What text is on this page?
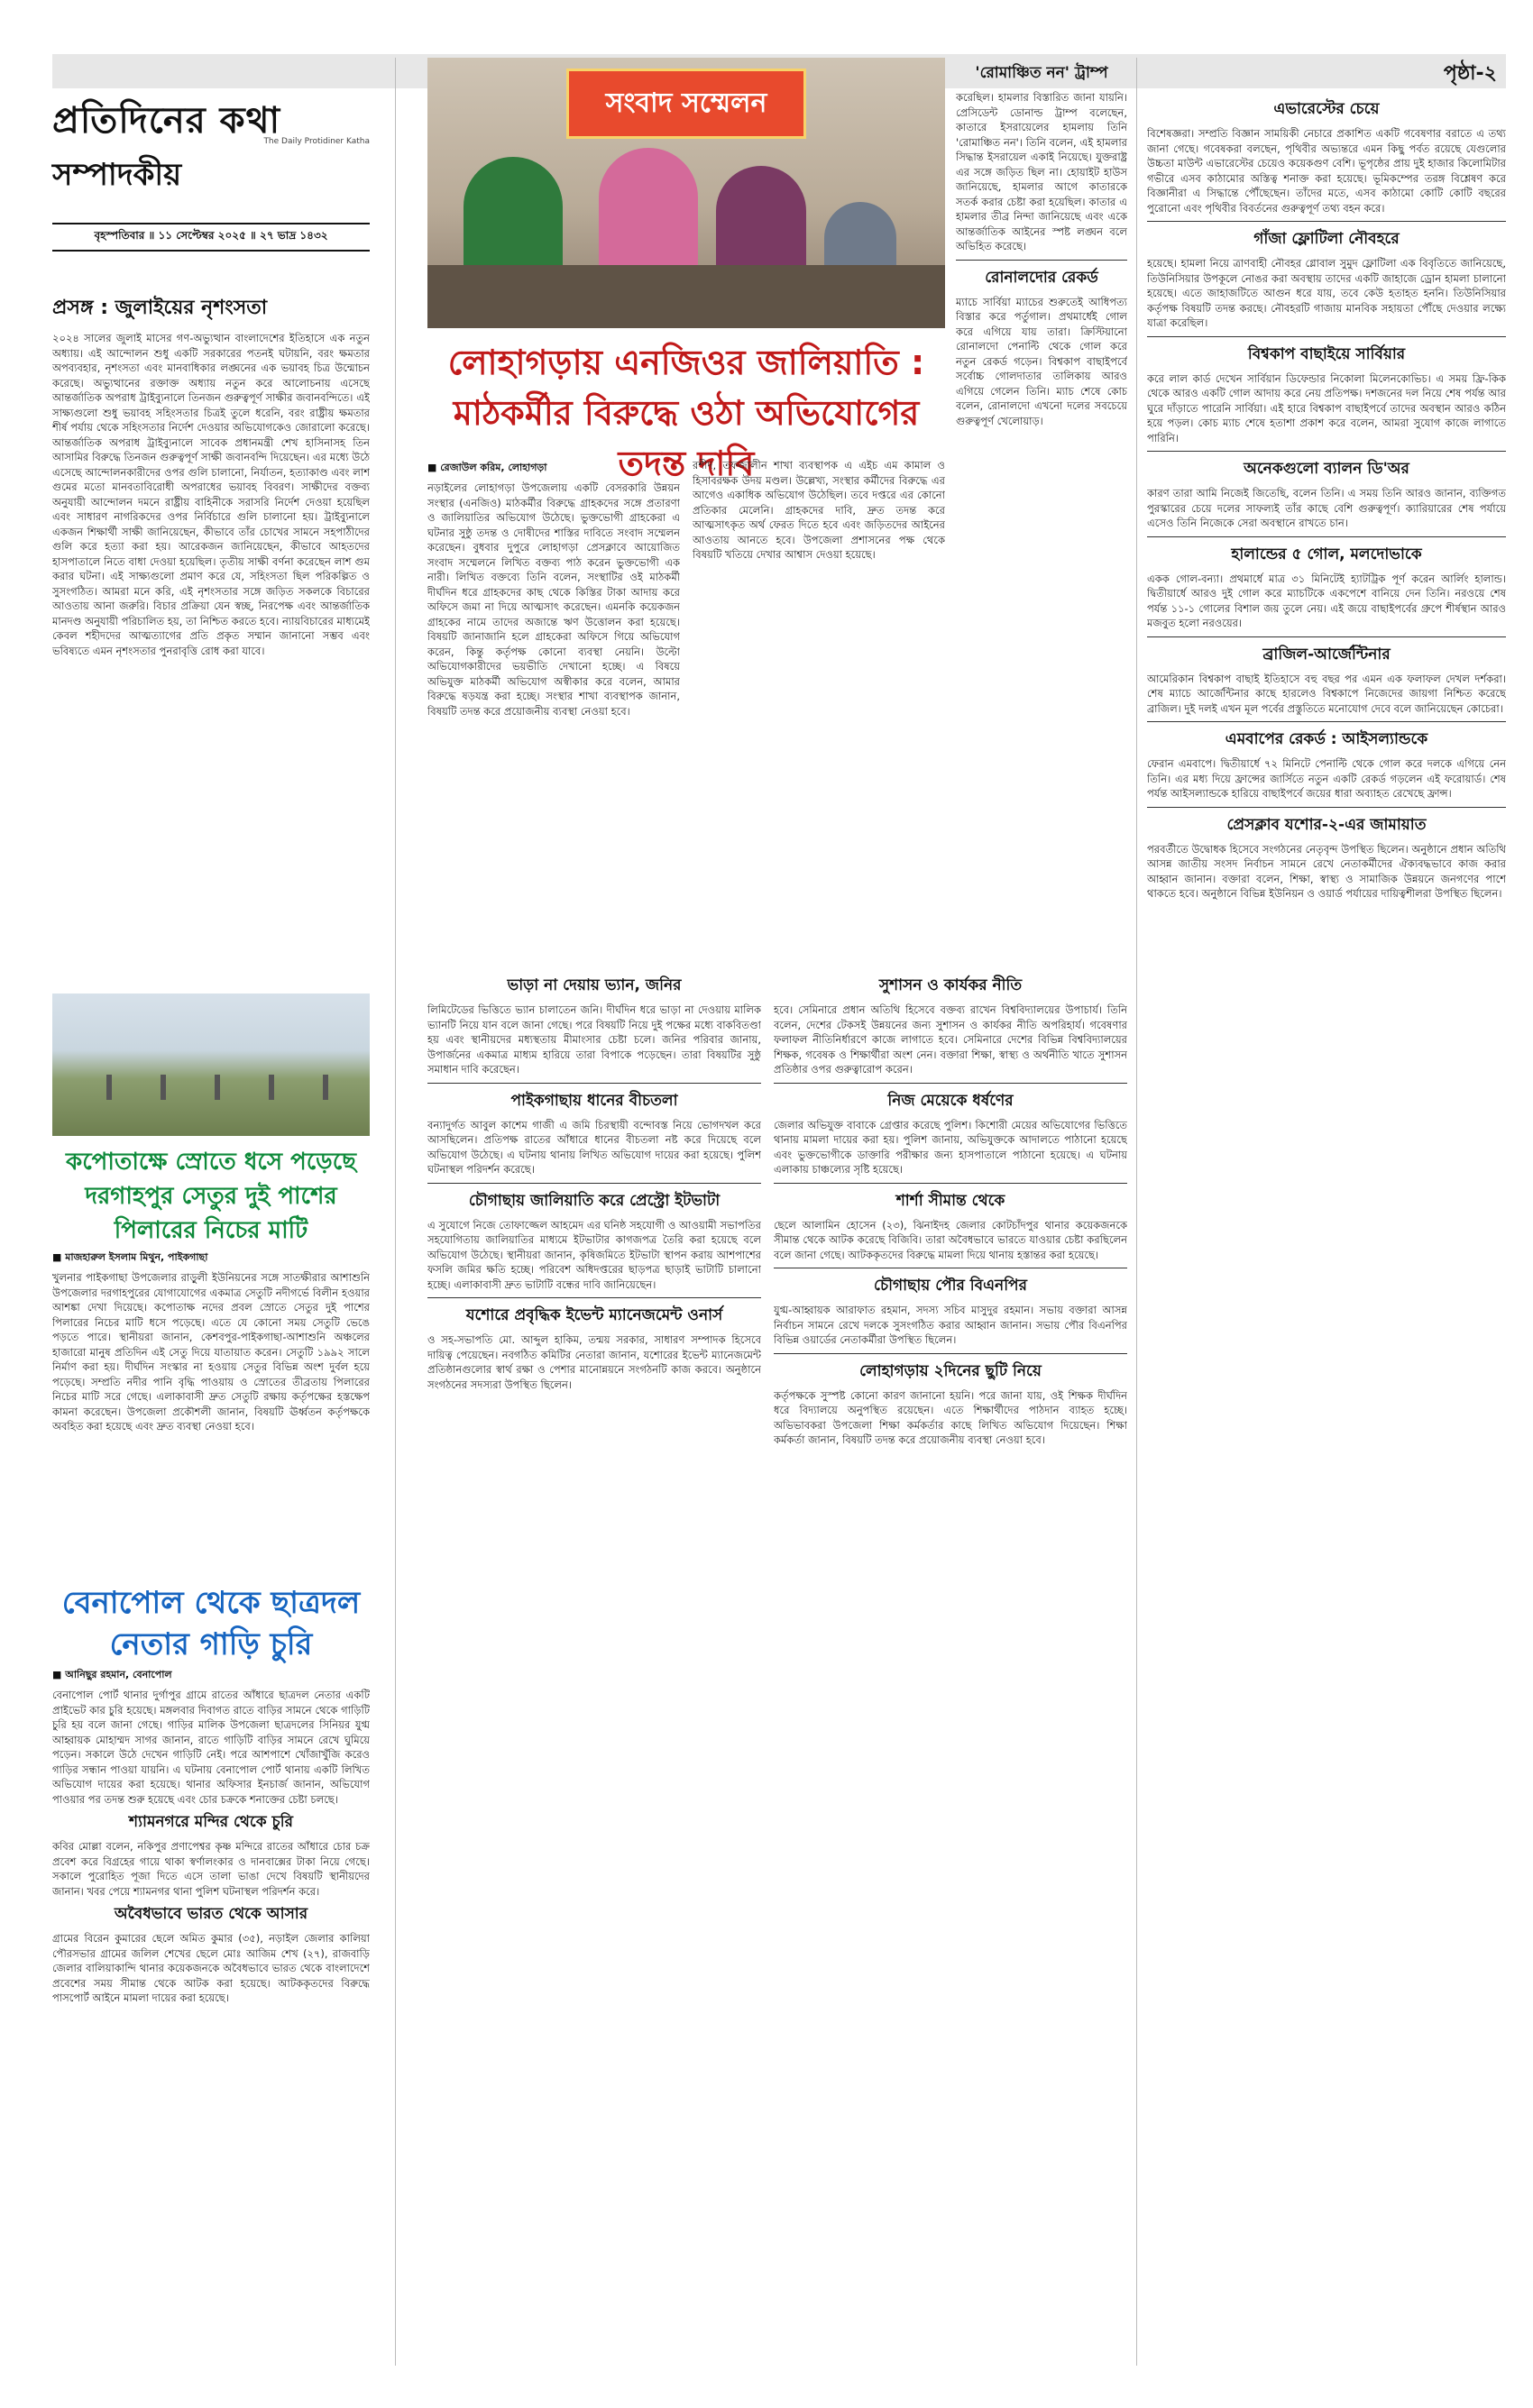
পৃষ্ঠা-২
প্রতিদিনের কথা
The Daily Protidiner Katha
সম্পাদকীয়
বৃহস্পতিবার ॥ ১১ সেপ্টেম্বর ২০২৫ ॥ ২৭ ভাদ্র ১৪৩২
প্রসঙ্গ : জুলাইয়ের নৃশংসতা

২০২৪ সালের জুলাই মাসের গণ-অভ্যুত্থান বাংলাদেশের ইতিহাসে এক নতুন অধ্যায়। এই আন্দোলন শুধু একটি সরকারের পতনই ঘটায়নি, বরং ক্ষমতার অপব্যবহার, নৃশংসতা এবং মানবাধিকার লঙ্ঘনের এক ভয়াবহ চিত্র উন্মোচন করেছে। অভ্যুত্থানের রক্তাক্ত অধ্যায় নতুন করে আলোচনায় এসেছে আন্তর্জাতিক অপরাধ ট্রাইব্যুনালে তিনজন গুরুত্বপূর্ণ সাক্ষীর জবানবন্দিতে। এই সাক্ষ্যগুলো শুধু ভয়াবহ সহিংসতার চিত্রই তুলে ধরেনি, বরং রাষ্ট্রীয় ক্ষমতার শীর্ষ পর্যায় থেকে সহিংসতার নির্দেশ দেওয়ার অভিযোগকেও জোরালো করেছে। আন্তর্জাতিক অপরাধ ট্রাইব্যুনালে সাবেক প্রধানমন্ত্রী শেখ হাসিনাসহ তিন আসামির বিরুদ্ধে তিনজন গুরুত্বপূর্ণ সাক্ষী জবানবন্দি দিয়েছেন। এর মধ্যে উঠে এসেছে আন্দোলনকারীদের ওপর গুলি চালানো, নির্যাতন, হত্যাকাণ্ড এবং লাশ গুমের মতো মানবতাবিরোধী অপরাধের ভয়াবহ বিবরণ। সাক্ষীদের বক্তব্য অনুযায়ী আন্দোলন দমনে রাষ্ট্রীয় বাহিনীকে সরাসরি নির্দেশ দেওয়া হয়েছিল এবং সাধারণ নাগরিকদের ওপর নির্বিচারে গুলি চালানো হয়। ট্রাইব্যুনালে একজন শিক্ষার্থী সাক্ষী জানিয়েছেন, কীভাবে তাঁর চোখের সামনে সহপাঠীদের গুলি করে হত্যা করা হয়। আরেকজন জানিয়েছেন, কীভাবে আহতদের হাসপাতালে নিতে বাধা দেওয়া হয়েছিল। তৃতীয় সাক্ষী বর্ণনা করেছেন লাশ গুম করার ঘটনা। এই সাক্ষ্যগুলো প্রমাণ করে যে, সহিংসতা ছিল পরিকল্পিত ও সুসংগঠিত। আমরা মনে করি, এই নৃশংসতার সঙ্গে জড়িত সকলকে বিচারের আওতায় আনা জরুরি। বিচার প্রক্রিয়া যেন স্বচ্ছ, নিরপেক্ষ এবং আন্তর্জাতিক মানদণ্ড অনুযায়ী পরিচালিত হয়, তা নিশ্চিত করতে হবে। ন্যায়বিচারের মাধ্যমেই কেবল শহীদদের আত্মত্যাগের প্রতি প্রকৃত সম্মান জানানো সম্ভব এবং ভবিষ্যতে এমন নৃশংসতার পুনরাবৃত্তি রোধ করা যাবে।

কপোতাক্ষে স্রোতে ধসে পড়েছে দরগাহপুর সেতুর দুই পাশের পিলারের নিচের মাটি
■ মাজহারুল ইসলাম মিথুন, পাইকগাছা

খুলনার পাইকগাছা উপজেলার রাড়ুলী ইউনিয়নের সঙ্গে সাতক্ষীরার আশাশুনি উপজেলার দরগাহপুরের যোগাযোগের একমাত্র সেতুটি নদীগর্ভে বিলীন হওয়ার আশঙ্কা দেখা দিয়েছে। কপোতাক্ষ নদের প্রবল স্রোতে সেতুর দুই পাশের পিলারের নিচের মাটি ধসে পড়েছে। এতে যে কোনো সময় সেতুটি ভেঙে পড়তে পারে। স্থানীয়রা জানান, কেশবপুর-পাইকগাছা-আশাশুনি অঞ্চলের হাজারো মানুষ প্রতিদিন এই সেতু দিয়ে যাতায়াত করেন। সেতুটি ১৯৯২ সালে নির্মাণ করা হয়। দীর্ঘদিন সংস্কার না হওয়ায় সেতুর বিভিন্ন অংশ দুর্বল হয়ে পড়েছে। সম্প্রতি নদীর পানি বৃদ্ধি পাওয়ায় ও স্রোতের তীব্রতায় পিলারের নিচের মাটি সরে গেছে। এলাকাবাসী দ্রুত সেতুটি রক্ষায় কর্তৃপক্ষের হস্তক্ষেপ কামনা করেছেন। উপজেলা প্রকৌশলী জানান, বিষয়টি ঊর্ধ্বতন কর্তৃপক্ষকে অবহিত করা হয়েছে এবং দ্রুত ব্যবস্থা নেওয়া হবে।

বেনাপোল থেকে ছাত্রদল নেতার গাড়ি চুরি
■ আনিছুর রহমান, বেনাপোল

বেনাপোল পোর্ট থানার দুর্গাপুর গ্রামে রাতের আঁধারে ছাত্রদল নেতার একটি প্রাইভেট কার চুরি হয়েছে। মঙ্গলবার দিবাগত রাতে বাড়ির সামনে থেকে গাড়িটি চুরি হয় বলে জানা গেছে। গাড়ির মালিক উপজেলা ছাত্রদলের সিনিয়র যুগ্ম আহ্বায়ক মোহাম্মদ সাগর জানান, রাতে গাড়িটি বাড়ির সামনে রেখে ঘুমিয়ে পড়েন। সকালে উঠে দেখেন গাড়িটি নেই। পরে আশপাশে খোঁজাখুঁজি করেও গাড়ির সন্ধান পাওয়া যায়নি। এ ঘটনায় বেনাপোল পোর্ট থানায় একটি লিখিত অভিযোগ দায়ের করা হয়েছে। থানার অফিসার ইনচার্জ জানান, অভিযোগ পাওয়ার পর তদন্ত শুরু হয়েছে এবং চোর চক্রকে শনাক্তের চেষ্টা চলছে।

শ্যামনগরে মন্দির থেকে চুরি

কবির মোল্লা বলেন, নকিপুর প্রণাপেশ্বর কৃষ্ণ মন্দিরে রাতের আঁধারে চোর চক্র প্রবেশ করে বিগ্রহের গায়ে থাকা স্বর্ণালংকার ও দানবাক্সের টাকা নিয়ে গেছে। সকালে পুরোহিত পূজা দিতে এসে তালা ভাঙা দেখে বিষয়টি স্থানীয়দের জানান। খবর পেয়ে শ্যামনগর থানা পুলিশ ঘটনাস্থল পরিদর্শন করে।

অবৈধভাবে ভারত থেকে আসার

গ্রামের বিরেন কুমারের ছেলে অমিত কুমার (৩৫), নড়াইল জেলার কালিয়া পৌরসভার গ্রামের জলিল শেখের ছেলে মোঃ আজিম শেখ (২৭), রাজবাড়ি জেলার বালিয়াকান্দি থানার কয়েকজনকে অবৈধভাবে ভারত থেকে বাংলাদেশে প্রবেশের সময় সীমান্ত থেকে আটক করা হয়েছে। আটককৃতদের বিরুদ্ধে পাসপোর্ট আইনে মামলা দায়ের করা হয়েছে।

সংবাদ সম্মেলন
লোহাগড়ায় এনজিওর জালিয়াতি : মাঠকর্মীর বিরুদ্ধে ওঠা অভিযোগের তদন্ত দাবি
■ রেজাউল করিম, লোহাগড়া

নড়াইলের লোহাগড়া উপজেলায় একটি বেসরকারি উন্নয়ন সংস্থার (এনজিও) মাঠকর্মীর বিরুদ্ধে গ্রাহকদের সঙ্গে প্রতারণা ও জালিয়াতির অভিযোগ উঠেছে। ভুক্তভোগী গ্রাহকেরা এ ঘটনার সুষ্ঠু তদন্ত ও দোষীদের শাস্তির দাবিতে সংবাদ সম্মেলন করেছেন। বুধবার দুপুরে লোহাগড়া প্রেসক্লাবে আয়োজিত সংবাদ সম্মেলনে লিখিত বক্তব্য পাঠ করেন ভুক্তভোগী এক নারী। লিখিত বক্তব্যে তিনি বলেন, সংস্থাটির ওই মাঠকর্মী দীর্ঘদিন ধরে গ্রাহকদের কাছ থেকে কিস্তির টাকা আদায় করে অফিসে জমা না দিয়ে আত্মসাৎ করেছেন। এমনকি কয়েকজন গ্রাহকের নামে তাদের অজান্তে ঋণ উত্তোলন করা হয়েছে। বিষয়টি জানাজানি হলে গ্রাহকেরা অফিসে গিয়ে অভিযোগ করেন, কিন্তু কর্তৃপক্ষ কোনো ব্যবস্থা নেয়নি। উল্টো অভিযোগকারীদের ভয়ভীতি দেখানো হচ্ছে। এ বিষয়ে অভিযুক্ত মাঠকর্মী অভিযোগ অস্বীকার করে বলেন, আমার বিরুদ্ধে ষড়যন্ত্র করা হচ্ছে। সংস্থার শাখা ব্যবস্থাপক জানান, বিষয়টি তদন্ত করে প্রয়োজনীয় ব্যবস্থা নেওয়া হবে।

রশীদ, তফজালীন শাখা ব্যবস্থাপক এ এইচ এম কামাল ও হিসাবরক্ষক উদয় মণ্ডল। উল্লেখ্য, সংস্থার কর্মীদের বিরুদ্ধে এর আগেও একাধিক অভিযোগ উঠেছিল। তবে দপ্তরে এর কোনো প্রতিকার মেলেনি। গ্রাহকদের দাবি, দ্রুত তদন্ত করে আত্মসাৎকৃত অর্থ ফেরত দিতে হবে এবং জড়িতদের আইনের আওতায় আনতে হবে। উপজেলা প্রশাসনের পক্ষ থেকে বিষয়টি খতিয়ে দেখার আশ্বাস দেওয়া হয়েছে।

ভাড়া না দেয়ায় ভ্যান, জনির

লিমিটেডের ভিত্তিতে ভ্যান চালাতেন জনি। দীর্ঘদিন ধরে ভাড়া না দেওয়ায় মালিক ভ্যানটি নিয়ে যান বলে জানা গেছে। পরে বিষয়টি নিয়ে দুই পক্ষের মধ্যে বাকবিতণ্ডা হয় এবং স্থানীয়দের মধ্যস্থতায় মীমাংসার চেষ্টা চলে। জনির পরিবার জানায়, উপার্জনের একমাত্র মাধ্যম হারিয়ে তারা বিপাকে পড়েছেন। তারা বিষয়টির সুষ্ঠু সমাধান দাবি করেছেন।

পাইকগাছায় ধানের বীচতলা

বন্যাদুর্গত আবুল কাশেম গাজী এ জমি চিরস্থায়ী বন্দোবস্ত নিয়ে ভোগদখল করে আসছিলেন। প্রতিপক্ষ রাতের আঁধারে ধানের বীচতলা নষ্ট করে দিয়েছে বলে অভিযোগ উঠেছে। এ ঘটনায় থানায় লিখিত অভিযোগ দায়ের করা হয়েছে। পুলিশ ঘটনাস্থল পরিদর্শন করেছে।

চৌগাছায় জালিয়াতি করে প্রেস্ট্রো ইটভাটা

এ সুযোগে নিজে তোফাজ্জেল আহমেদ এর ঘনিষ্ঠ সহযোগী ও আওয়ামী সভাপতির সহযোগিতায় জালিয়াতির মাধ্যমে ইটভাটার কাগজপত্র তৈরি করা হয়েছে বলে অভিযোগ উঠেছে। স্থানীয়রা জানান, কৃষিজমিতে ইটভাটা স্থাপন করায় আশপাশের ফসলি জমির ক্ষতি হচ্ছে। পরিবেশ অধিদপ্তরের ছাড়পত্র ছাড়াই ভাটাটি চালানো হচ্ছে। এলাকাবাসী দ্রুত ভাটাটি বন্ধের দাবি জানিয়েছেন।

যশোরে প্রবৃদ্ধিক ইভেন্ট ম্যানেজমেন্ট ওনার্স

ও সহ-সভাপতি মো. আব্দুল হাকিম, তন্ময় সরকার, সাধারণ সম্পাদক হিসেবে দায়িত্ব পেয়েছেন। নবগঠিত কমিটির নেতারা জানান, যশোরের ইভেন্ট ম্যানেজমেন্ট প্রতিষ্ঠানগুলোর স্বার্থ রক্ষা ও পেশার মানোন্নয়নে সংগঠনটি কাজ করবে। অনুষ্ঠানে সংগঠনের সদস্যরা উপস্থিত ছিলেন।

'রোমাঞ্চিত নন' ট্রাম্প

করেছিল। হামলার বিস্তারিত জানা যায়নি। প্রেসিডেন্ট ডোনাল্ড ট্রাম্প বলেছেন, কাতারে ইসরায়েলের হামলায় তিনি 'রোমাঞ্চিত নন'। তিনি বলেন, এই হামলার সিদ্ধান্ত ইসরায়েল একাই নিয়েছে। যুক্তরাষ্ট্র এর সঙ্গে জড়িত ছিল না। হোয়াইট হাউস জানিয়েছে, হামলার আগে কাতারকে সতর্ক করার চেষ্টা করা হয়েছিল। কাতার এ হামলার তীব্র নিন্দা জানিয়েছে এবং একে আন্তর্জাতিক আইনের স্পষ্ট লঙ্ঘন বলে অভিহিত করেছে।

রোনালদোর রেকর্ড

ম্যাচে সার্বিয়া ম্যাচের শুরুতেই আধিপত্য বিস্তার করে পর্তুগাল। প্রথমার্ধেই গোল করে এগিয়ে যায় তারা। ক্রিস্টিয়ানো রোনালদো পেনাল্টি থেকে গোল করে নতুন রেকর্ড গড়েন। বিশ্বকাপ বাছাইপর্বে সর্বোচ্চ গোলদাতার তালিকায় আরও এগিয়ে গেলেন তিনি। ম্যাচ শেষে কোচ বলেন, রোনালদো এখনো দলের সবচেয়ে গুরুত্বপূর্ণ খেলোয়াড়।

সুশাসন ও কার্যকর নীতি

হবে। সেমিনারে প্রধান অতিথি হিসেবে বক্তব্য রাখেন বিশ্ববিদ্যালয়ের উপাচার্য। তিনি বলেন, দেশের টেকসই উন্নয়নের জন্য সুশাসন ও কার্যকর নীতি অপরিহার্য। গবেষণার ফলাফল নীতিনির্ধারণে কাজে লাগাতে হবে। সেমিনারে দেশের বিভিন্ন বিশ্ববিদ্যালয়ের শিক্ষক, গবেষক ও শিক্ষার্থীরা অংশ নেন। বক্তারা শিক্ষা, স্বাস্থ্য ও অর্থনীতি খাতে সুশাসন প্রতিষ্ঠার ওপর গুরুত্বারোপ করেন।

নিজ মেয়েকে ধর্ষণের

জেলার অভিযুক্ত বাবাকে গ্রেপ্তার করেছে পুলিশ। কিশোরী মেয়ের অভিযোগের ভিত্তিতে থানায় মামলা দায়ের করা হয়। পুলিশ জানায়, অভিযুক্তকে আদালতে পাঠানো হয়েছে এবং ভুক্তভোগীকে ডাক্তারি পরীক্ষার জন্য হাসপাতালে পাঠানো হয়েছে। এ ঘটনায় এলাকায় চাঞ্চল্যের সৃষ্টি হয়েছে।

শার্শা সীমান্ত থেকে

ছেলে আলামিন হোসেন (২৩), ঝিনাইদহ জেলার কোটচাঁদপুর থানার কয়েকজনকে সীমান্ত থেকে আটক করেছে বিজিবি। তারা অবৈধভাবে ভারতে যাওয়ার চেষ্টা করছিলেন বলে জানা গেছে। আটককৃতদের বিরুদ্ধে মামলা দিয়ে থানায় হস্তান্তর করা হয়েছে।

চৌগাছায় পৌর বিএনপির

যুগ্ম-আহ্বায়ক আরাফাত রহমান, সদস্য সচিব মাসুদুর রহমান। সভায় বক্তারা আসন্ন নির্বাচন সামনে রেখে দলকে সুসংগঠিত করার আহ্বান জানান। সভায় পৌর বিএনপির বিভিন্ন ওয়ার্ডের নেতাকর্মীরা উপস্থিত ছিলেন।

লোহাগড়ায় ২দিনের ছুটি নিয়ে

কর্তৃপক্ষকে সুস্পষ্ট কোনো কারণ জানানো হয়নি। পরে জানা যায়, ওই শিক্ষক দীর্ঘদিন ধরে বিদ্যালয়ে অনুপস্থিত রয়েছেন। এতে শিক্ষার্থীদের পাঠদান ব্যাহত হচ্ছে। অভিভাবকরা উপজেলা শিক্ষা কর্মকর্তার কাছে লিখিত অভিযোগ দিয়েছেন। শিক্ষা কর্মকর্তা জানান, বিষয়টি তদন্ত করে প্রয়োজনীয় ব্যবস্থা নেওয়া হবে।

এভারেস্টের চেয়ে

বিশেষজ্ঞরা। সম্প্রতি বিজ্ঞান সাময়িকী নেচারে প্রকাশিত একটি গবেষণার বরাতে এ তথ্য জানা গেছে। গবেষকরা বলছেন, পৃথিবীর অভ্যন্তরে এমন কিছু পর্বত রয়েছে যেগুলোর উচ্চতা মাউন্ট এভারেস্টের চেয়েও কয়েকগুণ বেশি। ভূপৃষ্ঠের প্রায় দুই হাজার কিলোমিটার গভীরে এসব কাঠামোর অস্তিত্ব শনাক্ত করা হয়েছে। ভূমিকম্পের তরঙ্গ বিশ্লেষণ করে বিজ্ঞানীরা এ সিদ্ধান্তে পৌঁছেছেন। তাঁদের মতে, এসব কাঠামো কোটি কোটি বছরের পুরোনো এবং পৃথিবীর বিবর্তনের গুরুত্বপূর্ণ তথ্য বহন করে।

গাঁজা ফ্লোটিলা নৌবহরে

হয়েছে। হামলা নিয়ে ত্রাণবাহী নৌবহর গ্লোবাল সুমুদ ফ্লোটিলা এক বিবৃতিতে জানিয়েছে, তিউনিসিয়ার উপকূলে নোঙর করা অবস্থায় তাদের একটি জাহাজে ড্রোন হামলা চালানো হয়েছে। এতে জাহাজটিতে আগুন ধরে যায়, তবে কেউ হতাহত হননি। তিউনিসিয়ার কর্তৃপক্ষ বিষয়টি তদন্ত করছে। নৌবহরটি গাজায় মানবিক সহায়তা পৌঁছে দেওয়ার লক্ষ্যে যাত্রা করেছিল।

বিশ্বকাপ বাছাইয়ে সার্বিয়ার

করে লাল কার্ড দেখেন সার্বিয়ান ডিফেন্ডার নিকোলা মিলেনকোভিচ। এ সময় ফ্রি-কিক থেকে আরও একটি গোল আদায় করে নেয় প্রতিপক্ষ। দশজনের দল নিয়ে শেষ পর্যন্ত আর ঘুরে দাঁড়াতে পারেনি সার্বিয়া। এই হারে বিশ্বকাপ বাছাইপর্বে তাদের অবস্থান আরও কঠিন হয়ে পড়ল। কোচ ম্যাচ শেষে হতাশা প্রকাশ করে বলেন, আমরা সুযোগ কাজে লাগাতে পারিনি।

অনেকগুলো ব্যালন ডি'অর

কারণ তারা আমি নিজেই জিতেছি, বলেন তিনি। এ সময় তিনি আরও জানান, ব্যক্তিগত পুরস্কারের চেয়ে দলের সাফল্যই তাঁর কাছে বেশি গুরুত্বপূর্ণ। ক্যারিয়ারের শেষ পর্যায়ে এসেও তিনি নিজেকে সেরা অবস্থানে রাখতে চান।

হালান্ডের ৫ গোল, মলদোভাকে

একক গোল-বন্যা। প্রথমার্ধে মাত্র ৩১ মিনিটেই হ্যাটট্রিক পূর্ণ করেন আর্লিং হালান্ড। দ্বিতীয়ার্ধে আরও দুই গোল করে ম্যাচটিকে একপেশে বানিয়ে দেন তিনি। নরওয়ে শেষ পর্যন্ত ১১-১ গোলের বিশাল জয় তুলে নেয়। এই জয়ে বাছাইপর্বের গ্রুপে শীর্ষস্থান আরও মজবুত হলো নরওয়ের।

ব্রাজিল-আর্জেন্টিনার

আমেরিকান বিশ্বকাপ বাছাই ইতিহাসে বহু বছর পর এমন এক ফলাফল দেখল দর্শকরা। শেষ ম্যাচে আর্জেন্টিনার কাছে হারলেও বিশ্বকাপে নিজেদের জায়গা নিশ্চিত করেছে ব্রাজিল। দুই দলই এখন মূল পর্বের প্রস্তুতিতে মনোযোগ দেবে বলে জানিয়েছেন কোচেরা।

এমবাপের রেকর্ড : আইসল্যান্ডকে

ফেরান এমবাপে। দ্বিতীয়ার্ধে ৭২ মিনিটে পেনাল্টি থেকে গোল করে দলকে এগিয়ে নেন তিনি। এর মধ্য দিয়ে ফ্রান্সের জার্সিতে নতুন একটি রেকর্ড গড়লেন এই ফরোয়ার্ড। শেষ পর্যন্ত আইসল্যান্ডকে হারিয়ে বাছাইপর্বে জয়ের ধারা অব্যাহত রেখেছে ফ্রান্স।

প্রেসক্লাব যশোর-২-এর জামায়াত

পরবর্তীতে উদ্বোধক হিসেবে সংগঠনের নেতৃবৃন্দ উপস্থিত ছিলেন। অনুষ্ঠানে প্রধান অতিথি আসন্ন জাতীয় সংসদ নির্বাচন সামনে রেখে নেতাকর্মীদের ঐক্যবদ্ধভাবে কাজ করার আহ্বান জানান। বক্তারা বলেন, শিক্ষা, স্বাস্থ্য ও সামাজিক উন্নয়নে জনগণের পাশে থাকতে হবে। অনুষ্ঠানে বিভিন্ন ইউনিয়ন ও ওয়ার্ড পর্যায়ের দায়িত্বশীলরা উপস্থিত ছিলেন।
